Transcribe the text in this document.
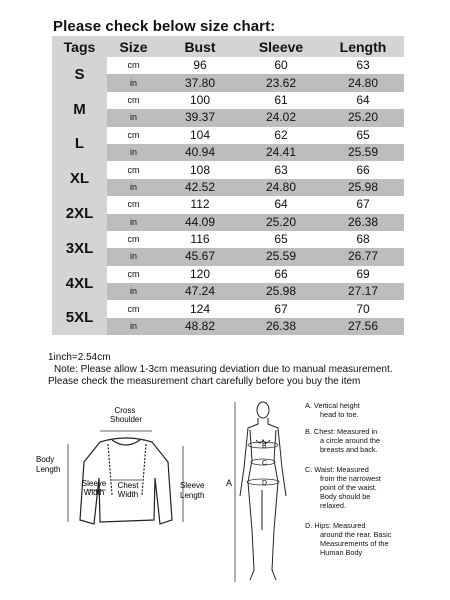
Please check below size chart:
Tags	Size	Bust	Sleeve	Length
S	cm	96	60	63
	in	37.80	23.62	24.80
M	cm	100	61	64
	in	39.37	24.02	25.20
L	cm	104	62	65
	in	40.94	24.41	25.59
XL	cm	108	63	66
	in	42.52	24.80	25.98
2XL	cm	112	64	67
	in	44.09	25.20	26.38
3XL	cm	116	65	68
	in	45.67	25.59	26.77
4XL	cm	120	66	69
	in	47.24	25.98	27.17
5XL	cm	124	67	70
	in	48.82	26.38	27.56
1inch=2.54cm
Note: Please allow 1-3cm measuring deviation due to manual measurement.
Please check the measurement chart carefully before you buy the item
Cross Shoulder
Body Length
Sleeve Width
Chest Width
Sleeve Length
A
B
C
D
A. Vertical height head to toe.
B. Chest: Measured in a circle around the breasts and back.
C. Waist: Measured from the narrowest point of the waist. Body should be relaxed.
D. Hips: Measured around the rear. Basic Measurements of the Human Body
